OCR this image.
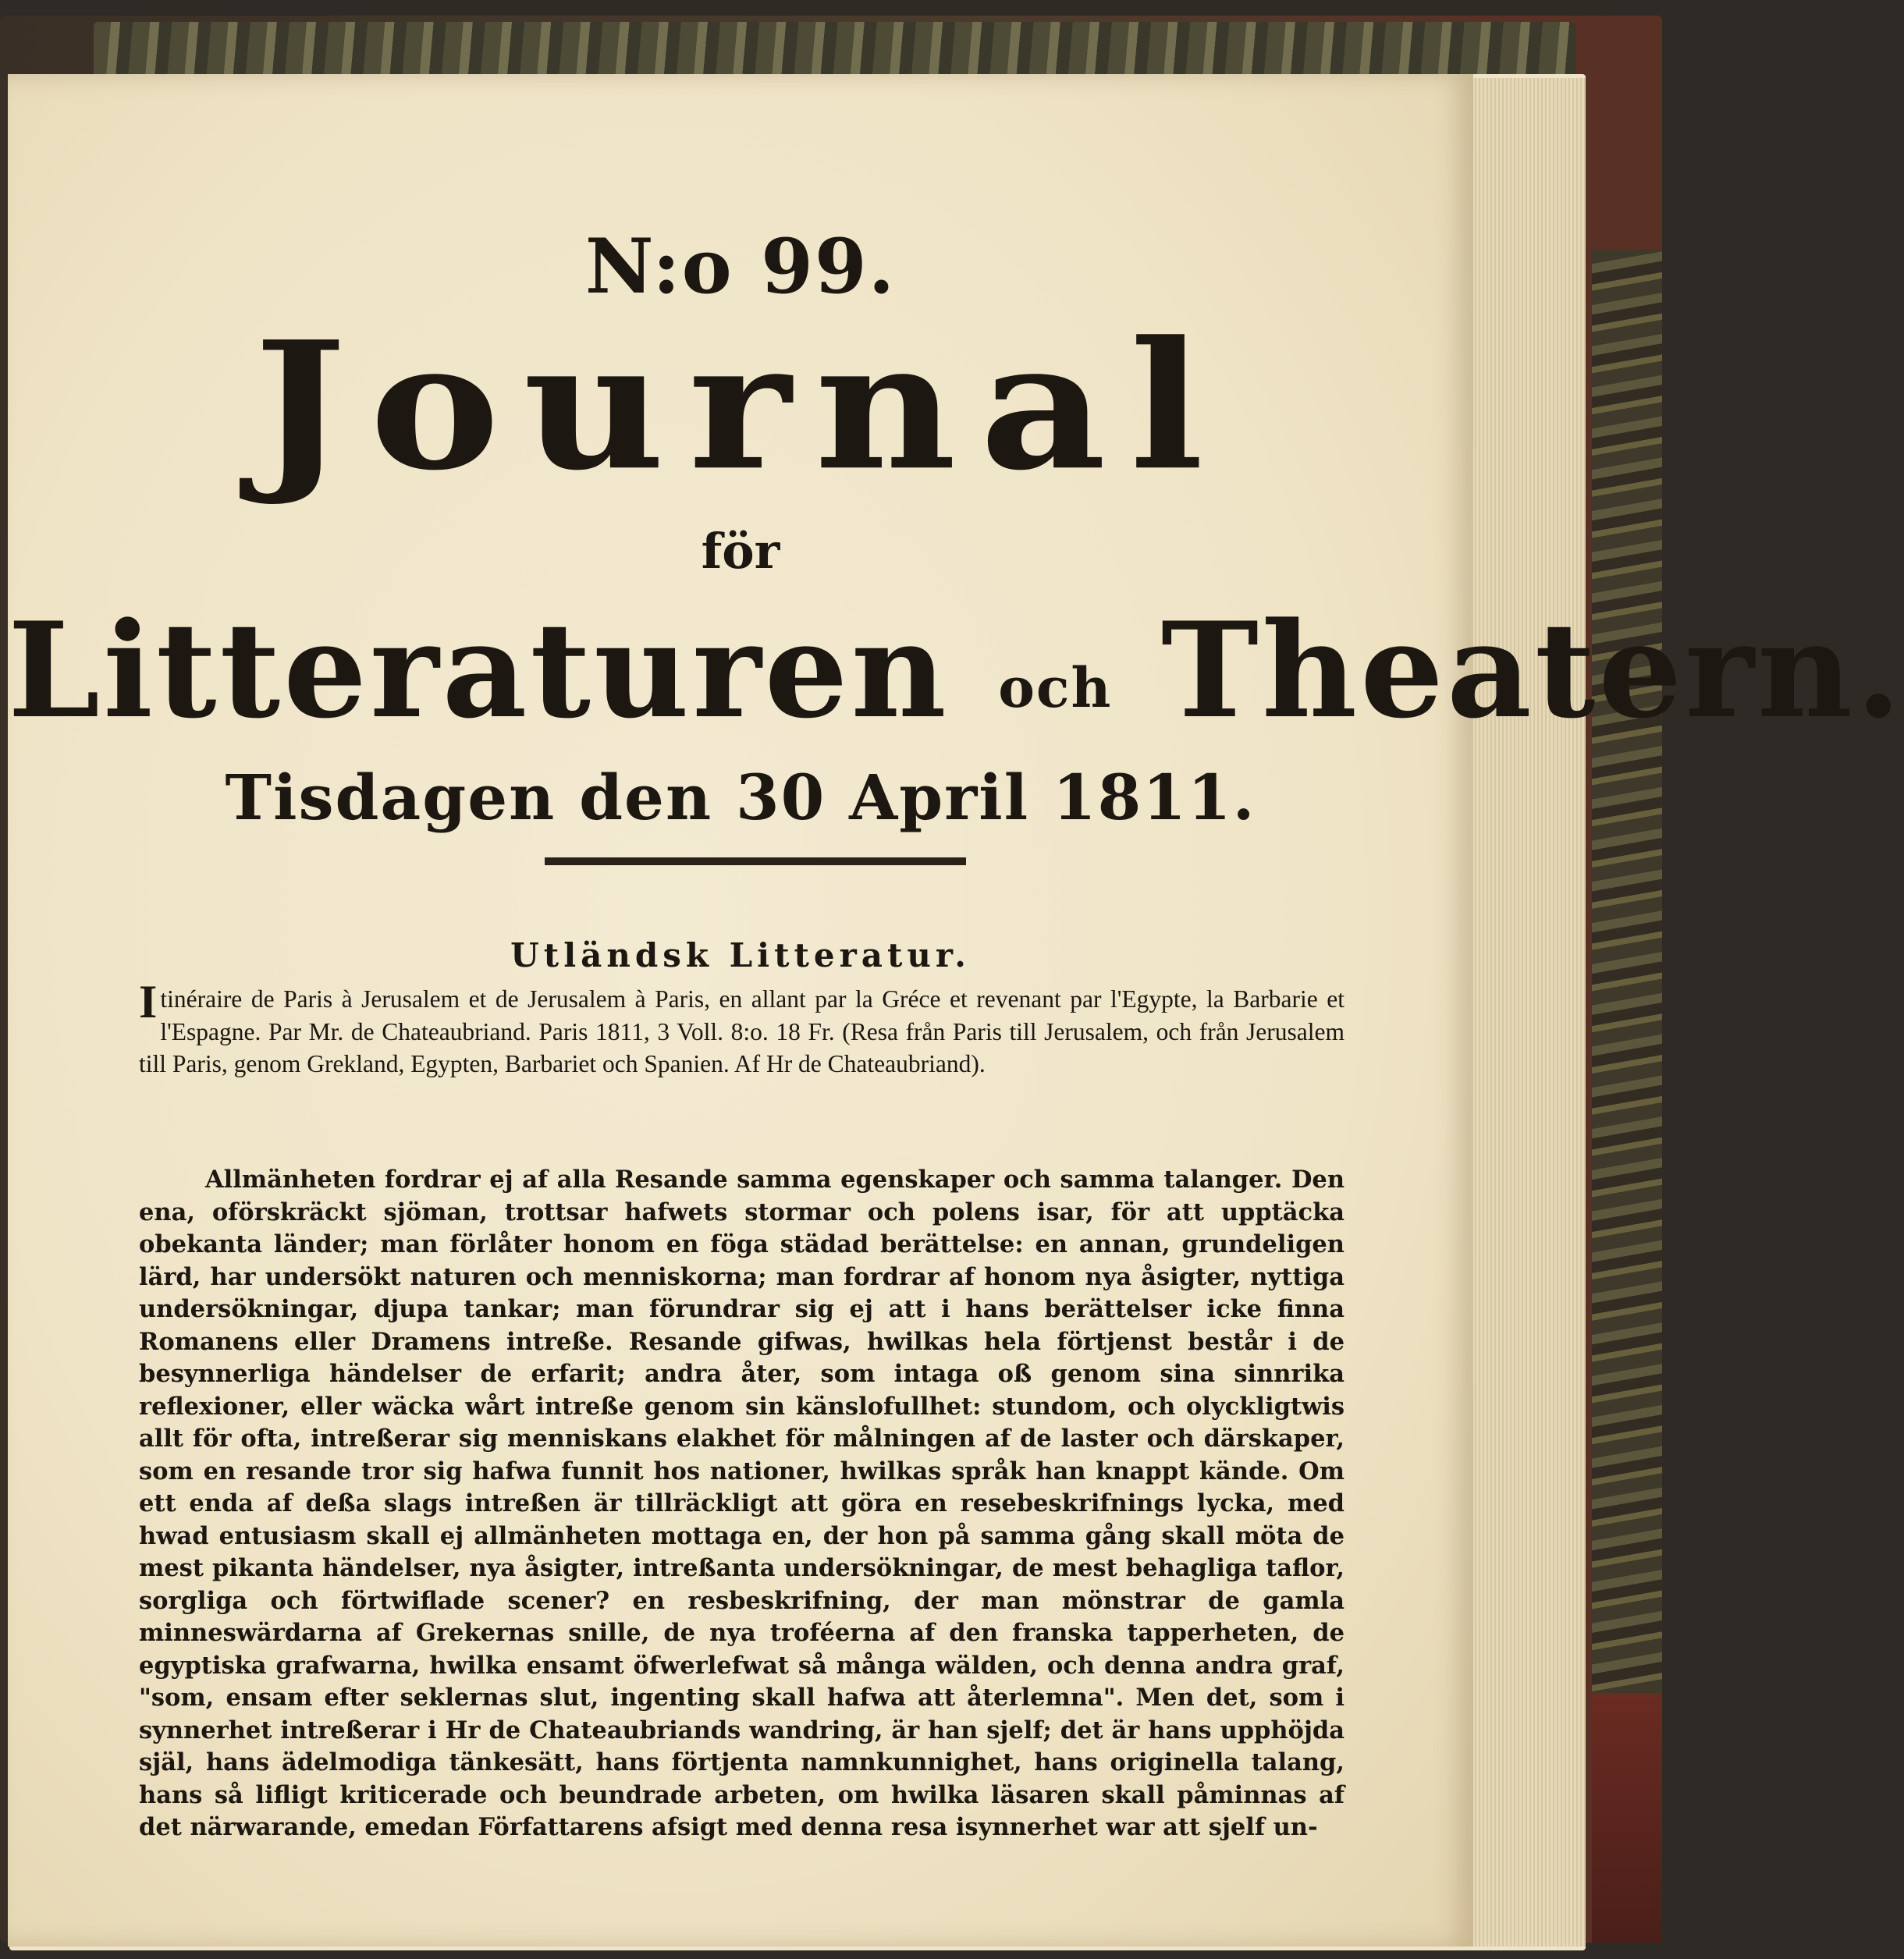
N:o 99.
Journal
för
Litteraturen och Theatern.
Tisdagen den 30 April 1811.
Utländsk Litteratur.
Itinéraire de Paris à Jerusalem et de Jerusalem à Paris, en allant par la Gréce et revenant par l'Egypte, la Barbarie et l'Espagne. Par Mr. de Chateaubriand. Paris 1811, 3 Voll. 8:o. 18 Fr. (Resa från Paris till Jerusalem, och från Jerusalem till Paris, genom Grekland, Egypten, Barbariet och Spanien. Af Hr de Chateaubriand).
Allmänheten fordrar ej af alla Resande samma egenskaper och samma talanger. Den ena, oförskräckt sjöman, trottsar hafwets stormar och polens isar, för att upptäcka obekanta länder; man förlåter honom en föga städad berättelse: en annan, grundeligen lärd, har undersökt naturen och menniskorna; man fordrar af honom nya åsigter, nyttiga undersökningar, djupa tankar; man förundrar sig ej att i hans berättelser icke finna Romanens eller Dramens intreße. Resande gifwas, hwilkas hela förtjenst består i de besynnerliga händelser de erfarit; andra åter, som intaga oß genom sina sinnrika reflexioner, eller wäcka wårt intreße genom sin känslofullhet: stundom, och olyckligtwis allt för ofta, intreßerar sig menniskans elakhet för målningen af de laster och därskaper, som en resande tror sig hafwa funnit hos nationer, hwilkas språk han knappt kände. Om ett enda af deßa slags intreßen är tillräckligt att göra en resebeskrifnings lycka, med hwad entusiasm skall ej allmänheten mottaga en, der hon på samma gång skall möta de mest pikanta händelser, nya åsigter, intreßanta undersökningar, de mest behagliga taflor, sorgliga och förtwiflade scener? en resbeskrifning, der man mönstrar de gamla minneswärdarna af Grekernas snille, de nya troféerna af den franska tapperheten, de egyptiska grafwarna, hwilka ensamt öfwerlefwat så många wälden, och denna andra graf, "som, ensam efter seklernas slut, ingenting skall hafwa att återlemna". Men det, som i synnerhet intreßerar i Hr de Chateaubriands wandring, är han sjelf; det är hans upphöjda själ, hans ädelmodiga tänkesätt, hans förtjenta namnkunnighet, hans originella talang, hans så lifligt kriticerade och beundrade arbeten, om hwilka läsaren skall påminnas af det närwarande, emedan Författarens afsigt med denna resa isynnerhet war att sjelf un-
